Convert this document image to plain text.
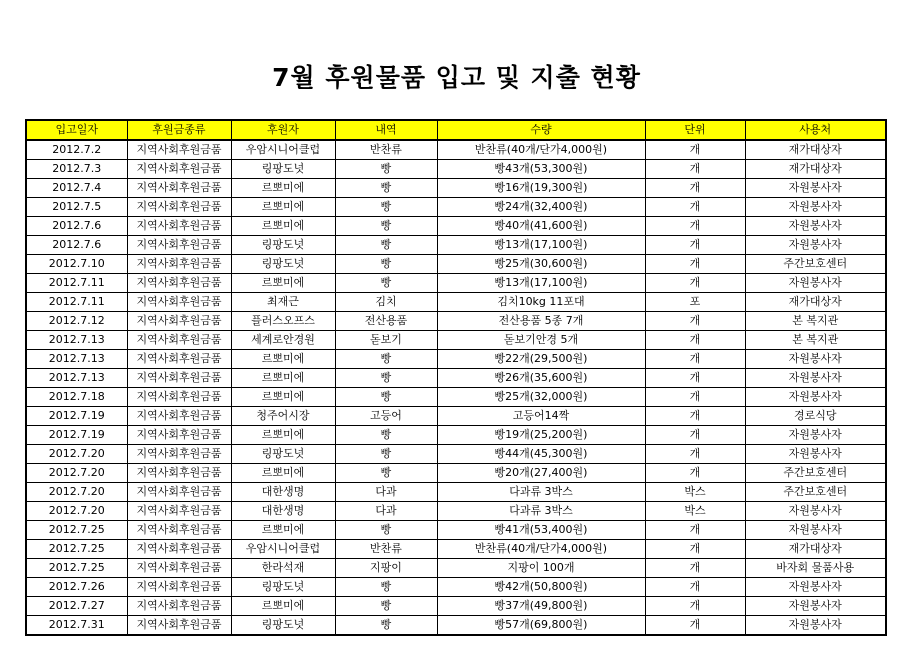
7월 후원물품 입고 및 지출 현황
입고일자	후원금종류	후원자	내역	수량	단위	사용처
2012.7.2	지역사회후원금품	우암시니어클럽	반찬류	반찬류(40개/단가4,000원)	개	재가대상자
2012.7.3	지역사회후원금품	링팡도넛	빵	빵43개(53,300원)	개	재가대상자
2012.7.4	지역사회후원금품	르뽀미에	빵	빵16개(19,300원)	개	자원봉사자
2012.7.5	지역사회후원금품	르뽀미에	빵	빵24개(32,400원)	개	자원봉사자
2012.7.6	지역사회후원금품	르뽀미에	빵	빵40개(41,600원)	개	자원봉사자
2012.7.6	지역사회후원금품	링팡도넛	빵	빵13개(17,100원)	개	자원봉사자
2012.7.10	지역사회후원금품	링팡도넛	빵	빵25개(30,600원)	개	주간보호센터
2012.7.11	지역사회후원금품	르뽀미에	빵	빵13개(17,100원)	개	자원봉사자
2012.7.11	지역사회후원금품	최재근	김치	김치10kg 11포대	포	재가대상자
2012.7.12	지역사회후원금품	플러스오프스	전산용품	전산용품 5종 7개	개	본 복지관
2012.7.13	지역사회후원금품	세계로안경원	돋보기	돋보기안경 5개	개	본 복지관
2012.7.13	지역사회후원금품	르뽀미에	빵	빵22개(29,500원)	개	자원봉사자
2012.7.13	지역사회후원금품	르뽀미에	빵	빵26개(35,600원)	개	자원봉사자
2012.7.18	지역사회후원금품	르뽀미에	빵	빵25개(32,000원)	개	자원봉사자
2012.7.19	지역사회후원금품	청주어시장	고등어	고등어14짝	개	경로식당
2012.7.19	지역사회후원금품	르뽀미에	빵	빵19개(25,200원)	개	자원봉사자
2012.7.20	지역사회후원금품	링팡도넛	빵	빵44개(45,300원)	개	자원봉사자
2012.7.20	지역사회후원금품	르뽀미에	빵	빵20개(27,400원)	개	주간보호센터
2012.7.20	지역사회후원금품	대한생명	다과	다과류 3박스	박스	주간보호센터
2012.7.20	지역사회후원금품	대한생명	다과	다과류 3박스	박스	자원봉사자
2012.7.25	지역사회후원금품	르뽀미에	빵	빵41개(53,400원)	개	자원봉사자
2012.7.25	지역사회후원금품	우암시니어클럽	반찬류	반찬류(40개/단가4,000원)	개	재가대상자
2012.7.25	지역사회후원금품	한라석재	지팡이	지팡이 100개	개	바자회 물품사용
2012.7.26	지역사회후원금품	링팡도넛	빵	빵42개(50,800원)	개	자원봉사자
2012.7.27	지역사회후원금품	르뽀미에	빵	빵37개(49,800원)	개	자원봉사자
2012.7.31	지역사회후원금품	링팡도넛	빵	빵57개(69,800원)	개	자원봉사자
